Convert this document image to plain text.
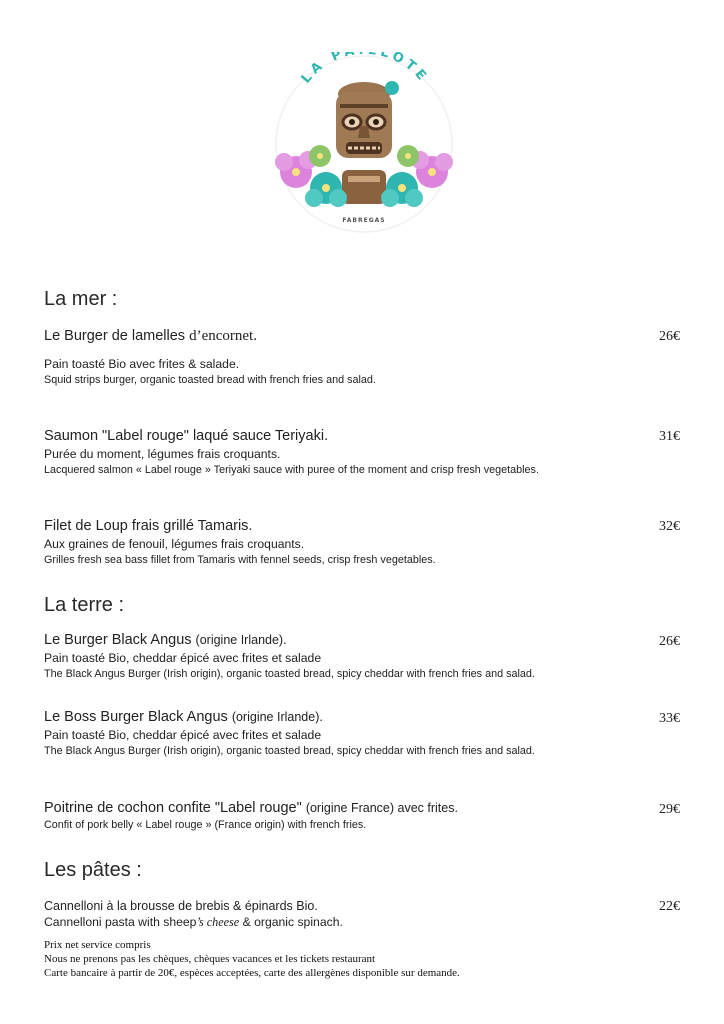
LA P LOTE
FABREGAS
La mer :
Le Burger de lamelles d’encornet.	26€
Pain toasté Bio avec frites & salade.
Squid strips burger, organic toasted bread with french fries and salad.
Saumon "Label rouge" laqué sauce Teriyaki.	31€
Purée du moment, légumes frais croquants.
Lacquered salmon « Label rouge » Teriyaki sauce with puree of the moment and crisp fresh vegetables.
Filet de Loup frais grillé Tamaris.	32€
Aux graines de fenouil, légumes frais croquants.
Grilles fresh sea bass fillet from Tamaris with fennel seeds, crisp fresh vegetables.
La terre :
Le Burger Black Angus (origine Irlande).	26€
Pain toasté Bio, cheddar épicé avec frites et salade
The Black Angus Burger (Irish origin), organic toasted bread, spicy cheddar with french fries and salad.
Le Boss Burger Black Angus (origine Irlande).	33€
Pain toasté Bio, cheddar épicé avec frites et salade
The Black Angus Burger (Irish origin), organic toasted bread, spicy cheddar with french fries and salad.
Poitrine de cochon confite "Label rouge" (origine France) avec frites.	29€
Confit of pork belly « Label rouge » (France origin) with french fries.
Les pâtes :
Cannelloni à la brousse de brebis & épinards Bio.	22€
Cannelloni pasta with sheep’s cheese & organic spinach.
Prix net service compris
Nous ne prenons pas les chèques, chèques vacances et les tickets restaurant
Carte bancaire à partir de 20€, espèces acceptées, carte des allergènes disponible sur demande.
